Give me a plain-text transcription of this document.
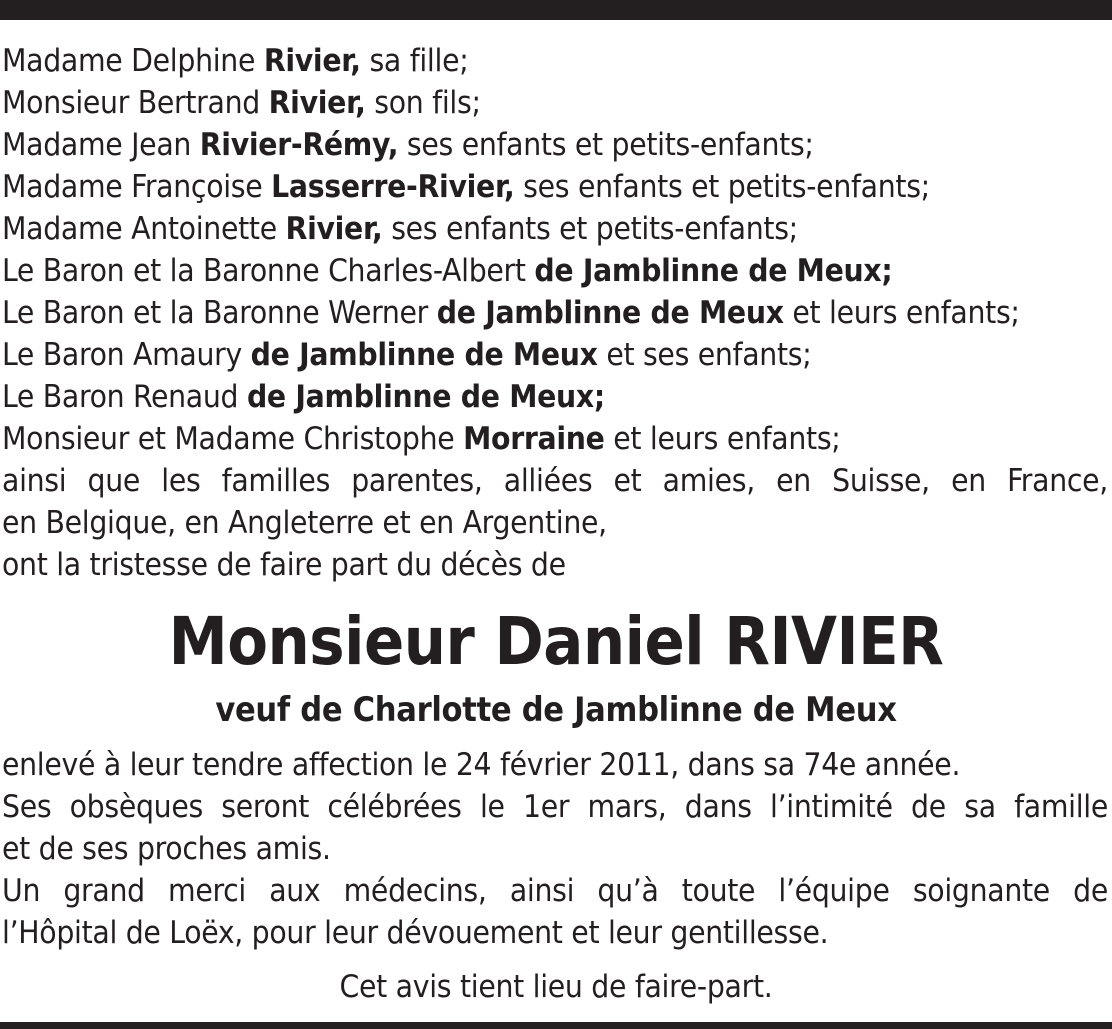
Madame Delphine Rivier, sa fille;
Monsieur Bertrand Rivier, son fils;
Madame Jean Rivier-Rémy, ses enfants et petits-enfants;
Madame Françoise Lasserre-Rivier, ses enfants et petits-enfants;
Madame Antoinette Rivier, ses enfants et petits-enfants;
Le Baron et la Baronne Charles-Albert de Jamblinne de Meux;
Le Baron et la Baronne Werner de Jamblinne de Meux et leurs enfants;
Le Baron Amaury de Jamblinne de Meux et ses enfants;
Le Baron Renaud de Jamblinne de Meux;
Monsieur et Madame Christophe Morraine et leurs enfants;
ainsi que les familles parentes, alliées et amies, en Suisse, en France,
en Belgique, en Angleterre et en Argentine,
ont la tristesse de faire part du décès de
Monsieur Daniel RIVIER
veuf de Charlotte de Jamblinne de Meux
enlevé à leur tendre affection le 24 février 2011, dans sa 74e année.
Ses obsèques seront célébrées le 1er mars, dans l’intimité de sa famille
et de ses proches amis.
Un grand merci aux médecins, ainsi qu’à toute l’équipe soignante de
l’Hôpital de Loëx, pour leur dévouement et leur gentillesse.
Cet avis tient lieu de faire-part.
